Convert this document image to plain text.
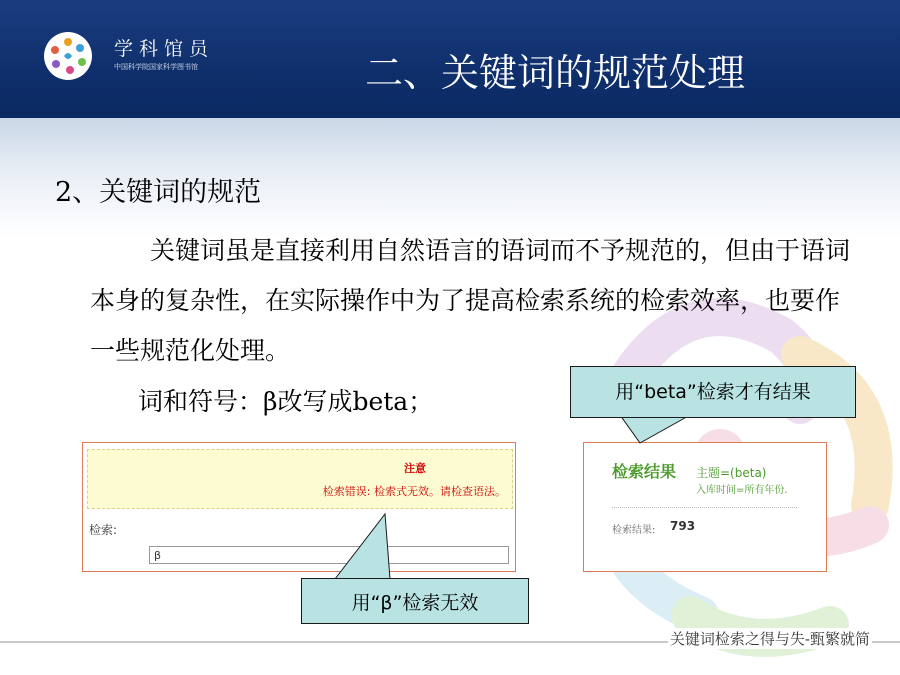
学科馆员
中国科学院国家科学图书馆	二、关键词的规范处理
2、关键词的规范
关键词虽是直接利用自然语言的语词而不予规范的，但由于语词本身的复杂性，在实际操作中为了提高检索系统的检索效率，也要作一些规范化处理。
词和符号：β改写成beta；
注意
检索错误: 检索式无效。请检查语法。
检索:
β
检索结果 主题=(beta)
入库时间=所有年份.
检索结果: 793
用“beta”检索才有结果
用“β”检索无效
关键词检索之得与失-甄繁就简
